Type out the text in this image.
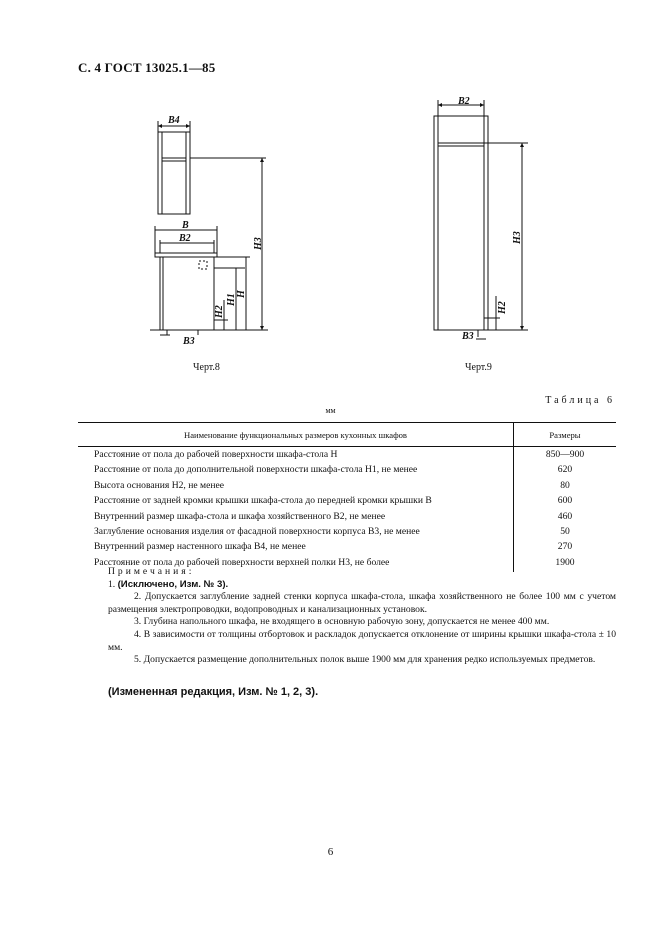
С. 4 ГОСТ 13025.1—85
B4
B
B2
B3
B2
B3
H3
H
H1
H2
H3
H2
Черт.8	Черт.9
Таблица 6
мм
Наименование функциональных размеров кухонных шкафов	Размеры
Расстояние от пола до рабочей поверхности шкафа-стола H	850—900
Расстояние от пола до дополнительной поверхности шкафа-стола H1, не менее	620
Высота основания H2, не менее	80
Расстояние от задней кромки крышки шкафа-стола до передней кромки крышки B	600
Внутренний размер шкафа-стола и шкафа хозяйственного B2, не менее	460
Заглубление основания изделия от фасадной поверхности корпуса B3, не менее	50
Внутренний размер настенного шкафа B4, не менее	270
Расстояние от пола до рабочей поверхности верхней полки H3, не более	1900
Примечания:
1. (Исключено, Изм. № 3).
2. Допускается заглубление задней стенки корпуса шкафа-стола, шкафа хозяйственного не более 100 мм с учетом размещения электропроводки, водопроводных и канализационных установок.
3. Глубина напольного шкафа, не входящего в основную рабочую зону, допускается не менее 400 мм.
4. В зависимости от толщины отбортовок и раскладок допускается отклонение от ширины крышки шкафа-стола ± 10 мм.
5. Допускается размещение дополнительных полок выше 1900 мм для хранения редко используемых предметов.
(Измененная редакция, Изм. № 1, 2, 3).
6
